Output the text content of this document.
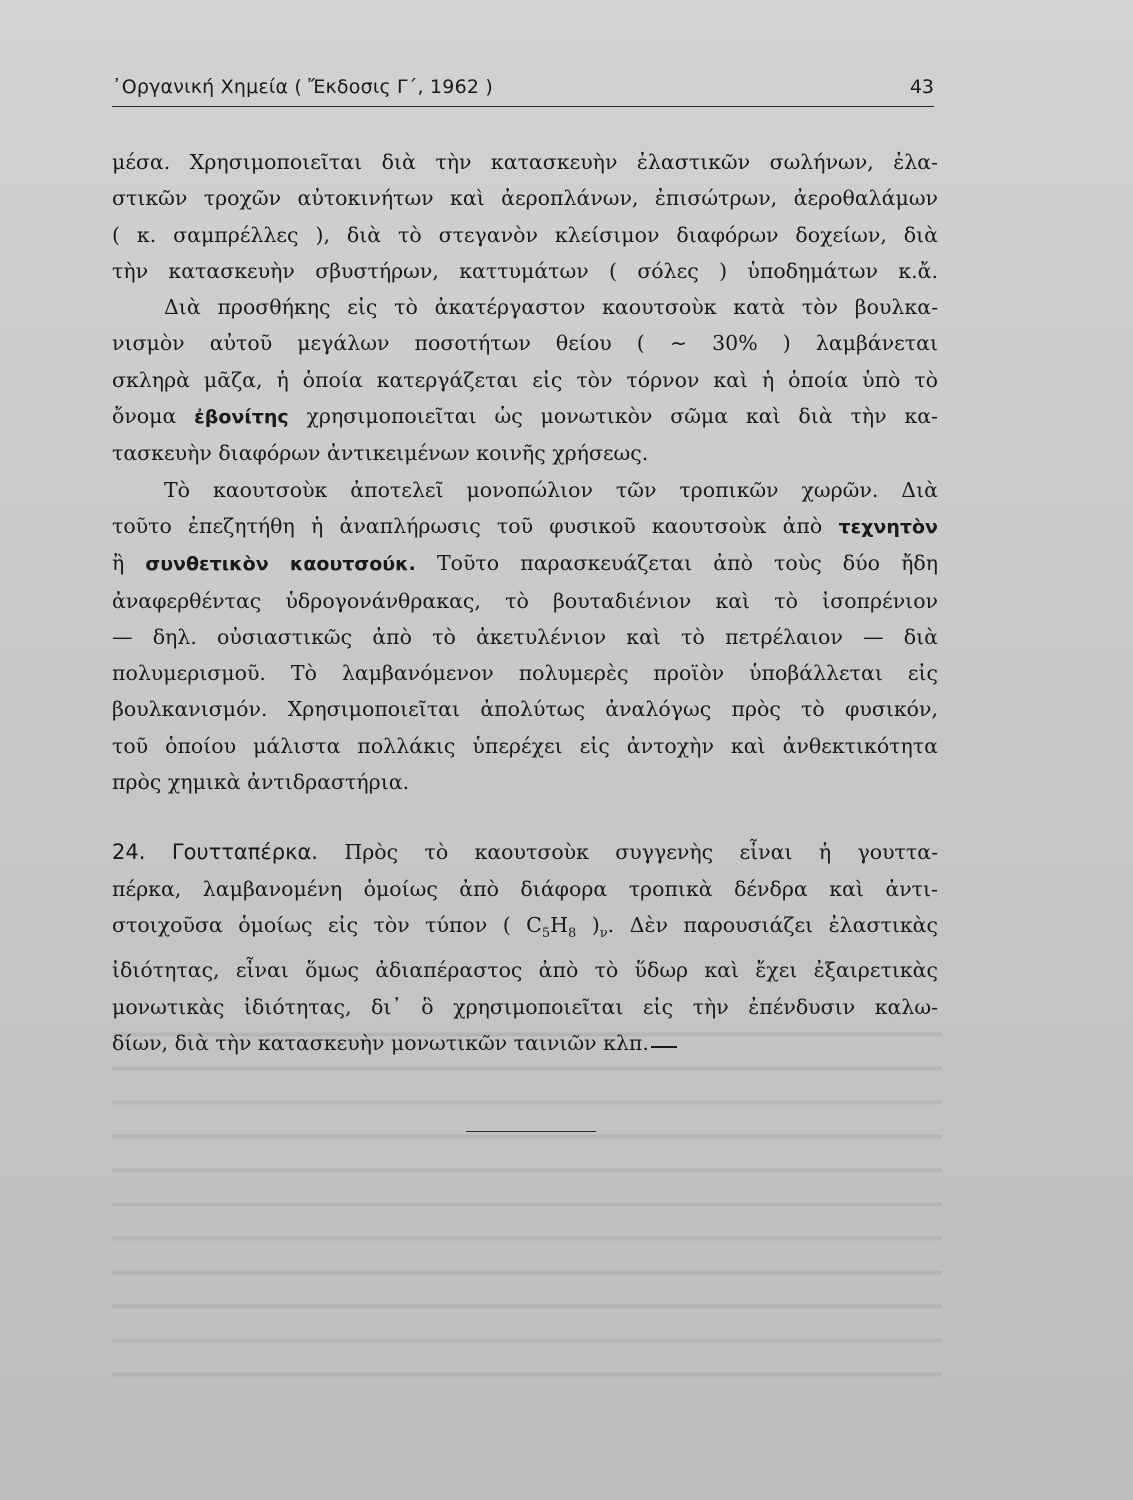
᾿Οργανική Χημεία ( Ἔκδοσις Γ΄, 1962 )	43

μέσα. Χρησιμοποιεῖται διὰ τὴν κατασκευὴν ἐλαστικῶν σωλήνων, ἐλα-

στικῶν τροχῶν αὐτοκινήτων καὶ ἀεροπλάνων, ἐπισώτρων, ἀεροθαλάμων

( κ. σαμπρέλλες ), διὰ τὸ στεγανὸν κλείσιμον διαφόρων δοχείων, διὰ

τὴν κατασκευὴν σβυστήρων, καττυμάτων ( σόλες ) ὑποδημάτων κ.ἄ.

Διὰ προσθήκης εἰς τὸ ἀκατέργαστον καουτσοὺκ κατὰ τὸν βουλκα-

νισμὸν αὐτοῦ μεγάλων ποσοτήτων θείου ( ∼ 30% ) λαμβάνεται

σκληρὰ μᾶζα, ἡ ὁποία κατεργάζεται εἰς τὸν τόρνον καὶ ἡ ὁποία ὑπὸ τὸ

ὄνομα ἐβονίτης χρησιμοποιεῖται ὡς μονωτικὸν σῶμα καὶ διὰ τὴν κα-

τασκευὴν διαφόρων ἀντικειμένων κοινῆς χρήσεως.

Τὸ καουτσοὺκ ἀποτελεῖ μονοπώλιον τῶν τροπικῶν χωρῶν. Διὰ

τοῦτο ἐπεζητήθη ἡ ἀναπλήρωσις τοῦ φυσικοῦ καουτσοὺκ ἀπὸ τεχνητὸν

ἢ συνθετικὸν καουτσούκ. Τοῦτο παρασκευάζεται ἀπὸ τοὺς δύο ἤδη

ἀναφερθέντας ὑδρογονάνθρακας, τὸ βουταδιένιον καὶ τὸ ἰσοπρένιον

— δηλ. οὐσιαστικῶς ἀπὸ τὸ ἀκετυλένιον καὶ τὸ πετρέλαιον — διὰ

πολυμερισμοῦ. Τὸ λαμβανόμενον πολυμερὲς προϊὸν ὑποβάλλεται εἰς

βουλκανισμόν. Χρησιμοποιεῖται ἀπολύτως ἀναλόγως πρὸς τὸ φυσικόν,

τοῦ ὁποίου μάλιστα πολλάκις ὑπερέχει εἰς ἀντοχὴν καὶ ἀνθεκτικότητα

πρὸς χημικὰ ἀντιδραστήρια.

24. Γουτταπέρκα. Πρὸς τὸ καουτσοὺκ συγγενὴς εἶναι ἡ γουττα-

πέρκα, λαμβανομένη ὁμοίως ἀπὸ διάφορα τροπικὰ δένδρα καὶ ἀντι-

στοιχοῦσα ὁμοίως εἰς τὸν τύπον ( $C_5H_8$ )$_\nu$. Δὲν παρουσιάζει ἐλαστικὰς

ἰδιότητας, εἶναι ὅμως ἀδιαπέραστος ἀπὸ τὸ ὕδωρ καὶ ἔχει ἐξαιρετικὰς

μονωτικὰς ἰδιότητας, δι᾿ ὃ χρησιμοποιεῖται εἰς τὴν ἐπένδυσιν καλω-

δίων, διὰ τὴν κατασκευὴν μονωτικῶν ταινιῶν κλπ.
